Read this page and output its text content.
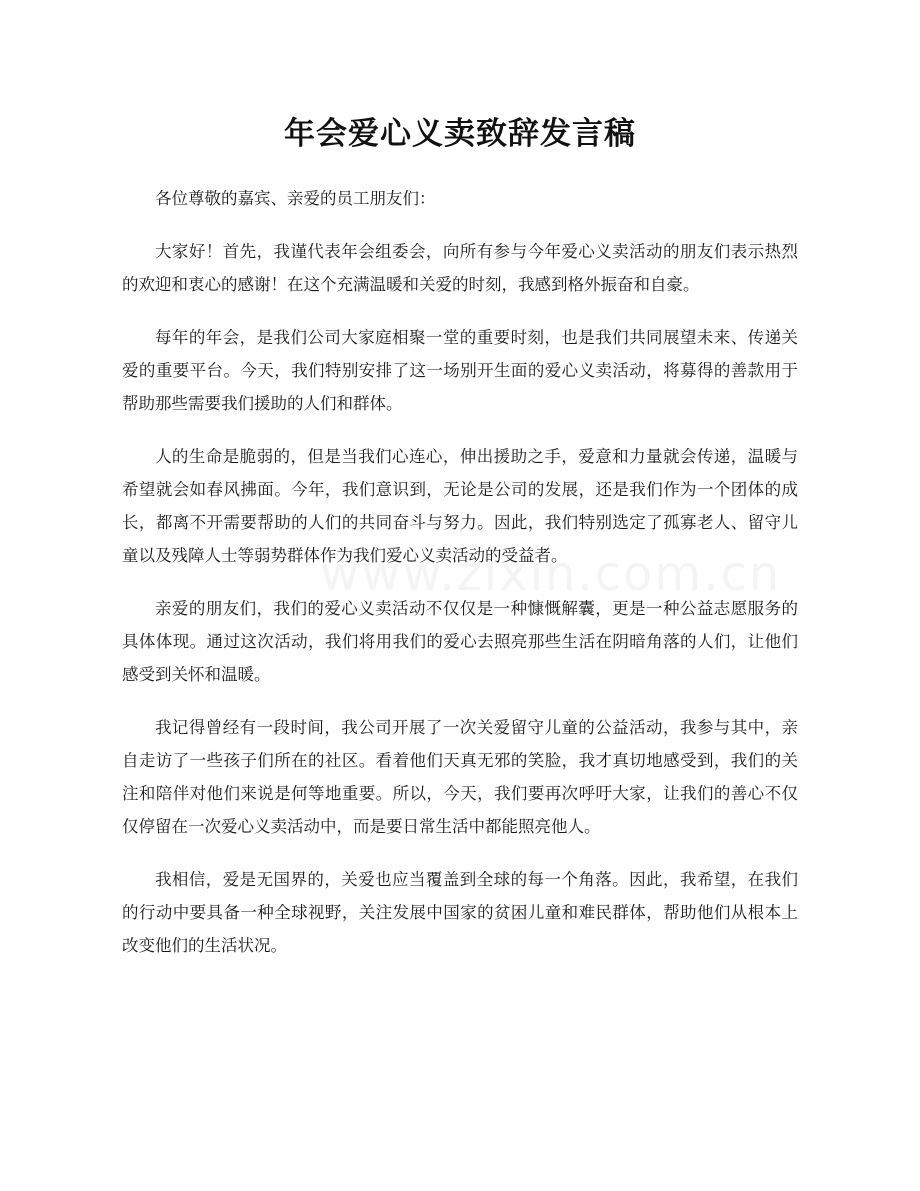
年会爱心义卖致辞发言稿

各位尊敬的嘉宾、亲爱的员工朋友们：

大家好！首先，我谨代表年会组委会，向所有参与今年爱心义卖活动的朋友们表示热烈的欢迎和衷心的感谢！在这个充满温暖和关爱的时刻，我感到格外振奋和自豪。

每年的年会，是我们公司大家庭相聚一堂的重要时刻，也是我们共同展望未来、传递关爱的重要平台。今天，我们特别安排了这一场别开生面的爱心义卖活动，将募得的善款用于帮助那些需要我们援助的人们和群体。

人的生命是脆弱的，但是当我们心连心，伸出援助之手，爱意和力量就会传递，温暖与希望就会如春风拂面。今年，我们意识到，无论是公司的发展，还是我们作为一个团体的成长，都离不开需要帮助的人们的共同奋斗与努力。因此，我们特别选定了孤寡老人、留守儿童以及残障人士等弱势群体作为我们爱心义卖活动的受益者。

亲爱的朋友们，我们的爱心义卖活动不仅仅是一种慷慨解囊，更是一种公益志愿服务的具体体现。通过这次活动，我们将用我们的爱心去照亮那些生活在阴暗角落的人们，让他们感受到关怀和温暖。

我记得曾经有一段时间，我公司开展了一次关爱留守儿童的公益活动，我参与其中，亲自走访了一些孩子们所在的社区。看着他们天真无邪的笑脸，我才真切地感受到，我们的关注和陪伴对他们来说是何等地重要。所以，今天，我们要再次呼吁大家，让我们的善心不仅仅停留在一次爱心义卖活动中，而是要日常生活中都能照亮他人。

我相信，爱是无国界的，关爱也应当覆盖到全球的每一个角落。因此，我希望，在我们的行动中要具备一种全球视野，关注发展中国家的贫困儿童和难民群体，帮助他们从根本上改变他们的生活状况。
